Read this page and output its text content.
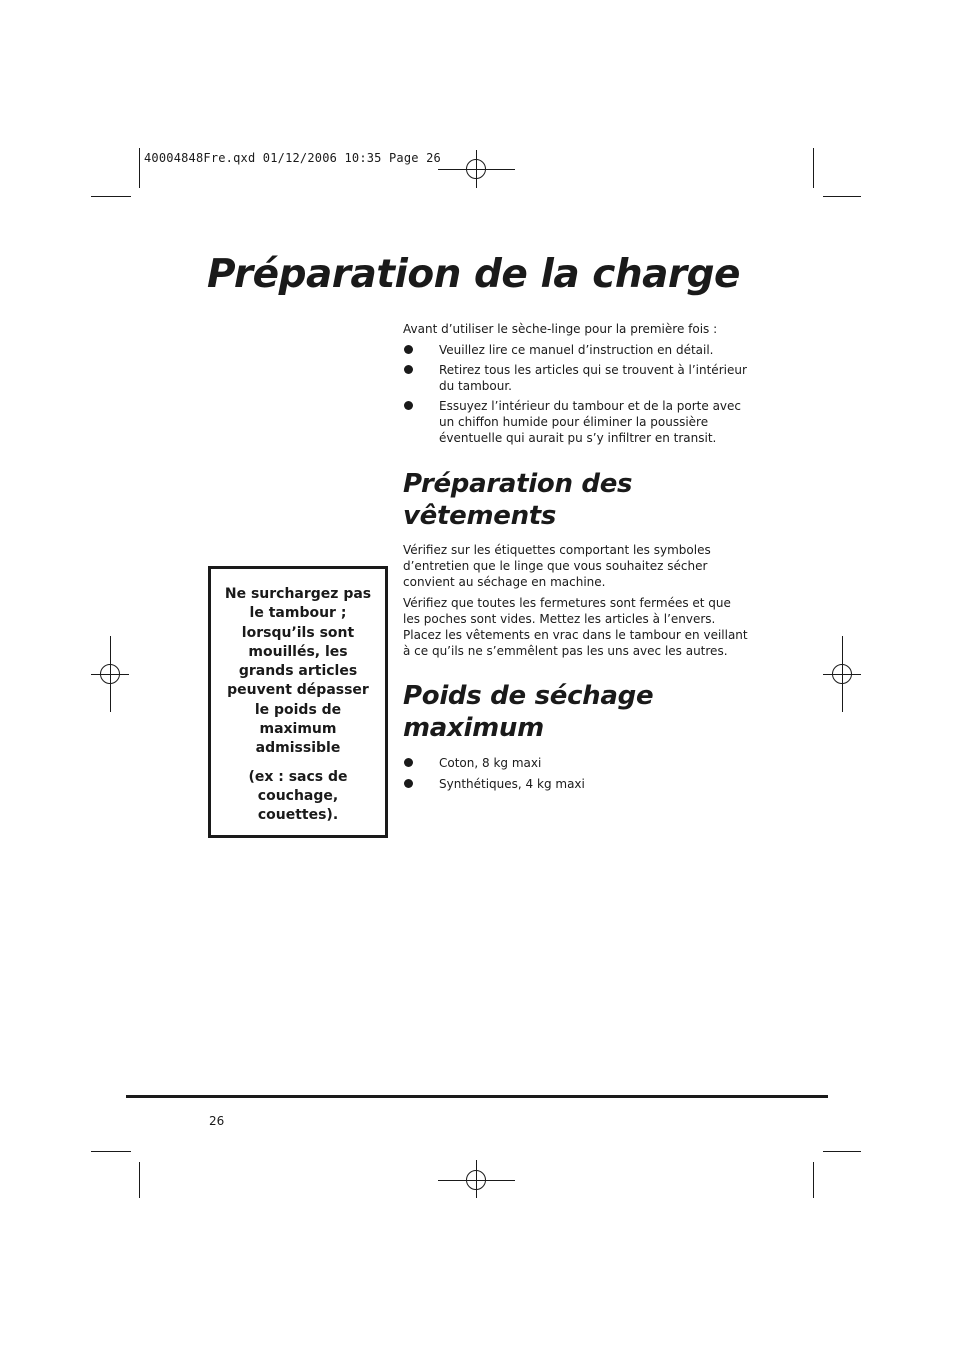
40004848Fre.qxd 01/12/2006 10:35 Page 26
Préparation de la charge
Avant d’utiliser le sèche-linge pour la première fois :
Veuillez lire ce manuel d’instruction en détail.
Retirez tous les articles qui se trouvent à l’intérieur du tambour.
Essuyez l’intérieur du tambour et de la porte avec un chiffon humide pour éliminer la poussière éventuelle qui aurait pu s’y infiltrer en transit.
Préparation des vêtements
Vérifiez sur les étiquettes comportant les symboles d’entretien que le linge que vous souhaitez sécher convient au séchage en machine.
Vérifiez que toutes les fermetures sont fermées et que les poches sont vides. Mettez les articles à l’envers. Placez les vêtements en vrac dans le tambour en veillant à ce qu’ils ne s’emmêlent pas les uns avec les autres.
Poids de séchage maximum
Coton, 8 kg maxi
Synthétiques, 4 kg maxi

Ne surchargez pas le tambour ; lorsqu’ils sont mouillés, les grands articles peuvent dépasser le poids de maximum admissible

(ex : sacs de couchage, couettes).

26
